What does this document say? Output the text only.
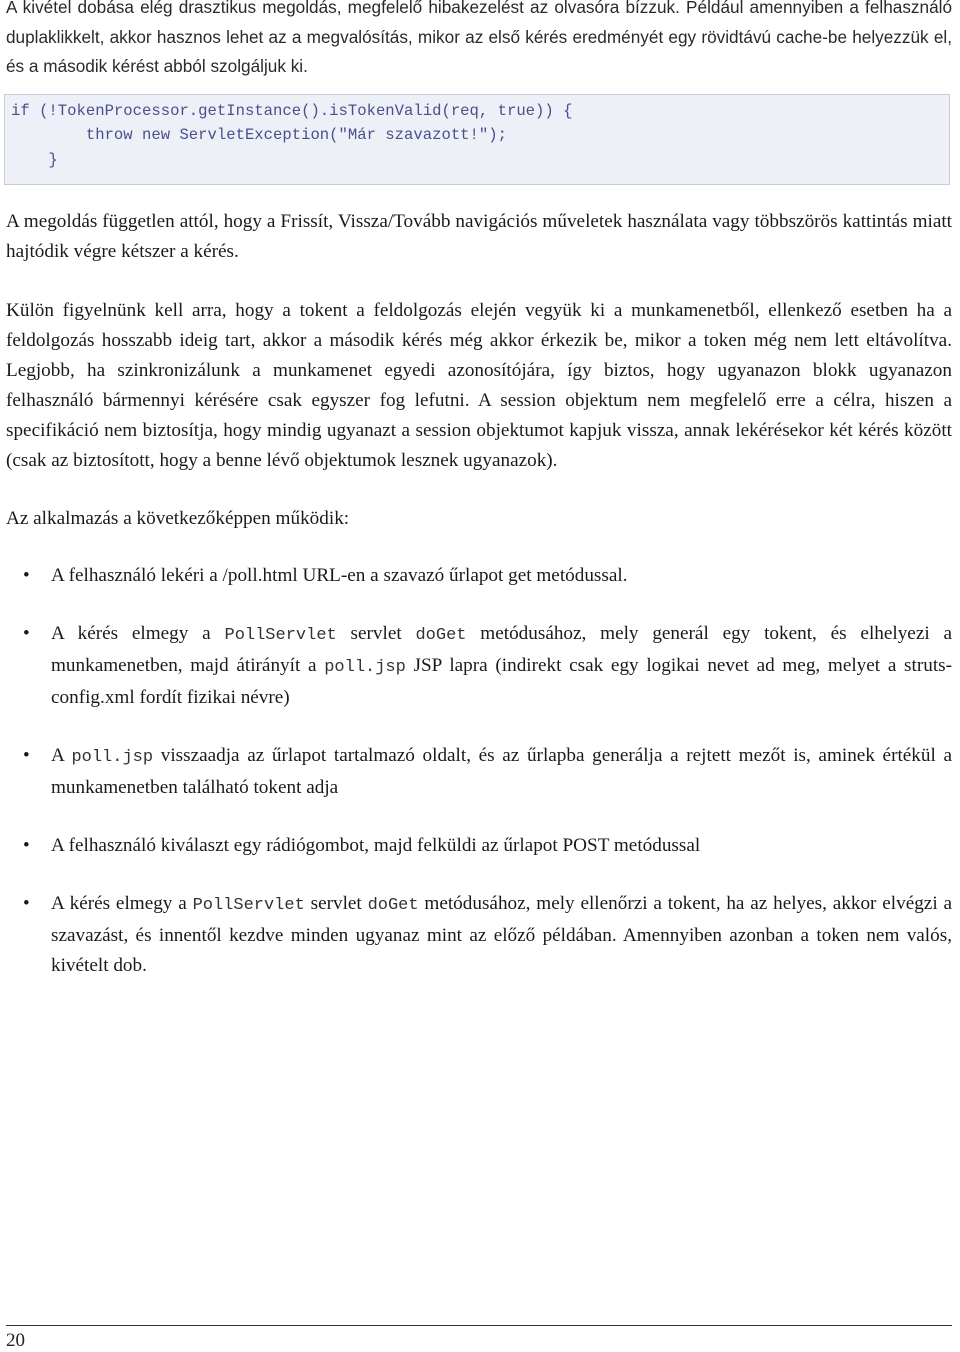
A kivétel dobása elég drasztikus megoldás, megfelelő hibakezelést az olvasóra bízzuk. Például amennyiben a felhasználó duplaklikkelt, akkor hasznos lehet az a megvalósítás, mikor az első kérés eredményét egy rövidtávú cache-be helyezzük el, és a második kérést abból szolgáljuk ki.

if (!TokenProcessor.getInstance().isTokenValid(req, true)) {
throw new ServletException("Már szavazott!");
}

A megoldás független attól, hogy a Frissít, Vissza/Tovább navigációs műveletek használata vagy többszörös kattintás miatt hajtódik végre kétszer a kérés.

Külön figyelnünk kell arra, hogy a tokent a feldolgozás elején vegyük ki a munkamenetből, ellenkező esetben ha a feldolgozás hosszabb ideig tart, akkor a második kérés még akkor érkezik be, mikor a token még nem lett eltávolítva. Legjobb, ha szinkronizálunk a munkamenet egyedi azonosítójára, így biztos, hogy ugyanazon blokk ugyanazon felhasználó bármennyi kérésére csak egyszer fog lefutni. A session objektum nem megfelelő erre a célra, hiszen a specifikáció nem biztosítja, hogy mindig ugyanazt a session objektumot kapjuk vissza, annak lekérésekor két kérés között (csak az biztosított, hogy a benne lévő objektumok lesznek ugyanazok).

Az alkalmazás a következőképpen működik:

• A felhasználó lekéri a /poll.html URL-en a szavazó űrlapot get metódussal.
• A kérés elmegy a PollServlet servlet doGet metódusához, mely generál egy tokent, és elhelyezi a munkamenetben, majd átirányít a poll.jsp JSP lapra (indirekt csak egy logikai nevet ad meg, melyet a struts-config.xml fordít fizikai névre)
• A poll.jsp visszaadja az űrlapot tartalmazó oldalt, és az űrlapba generálja a rejtett mezőt is, aminek értékül a munkamenetben található tokent adja
• A felhasználó kiválaszt egy rádiógombot, majd felküldi az űrlapot POST metódussal
• A kérés elmegy a PollServlet servlet doGet metódusához, mely ellenőrzi a tokent, ha az helyes, akkor elvégzi a szavazást, és innentől kezdve minden ugyanaz mint az előző példában. Amennyiben azonban a token nem valós, kivételt dob.
20
